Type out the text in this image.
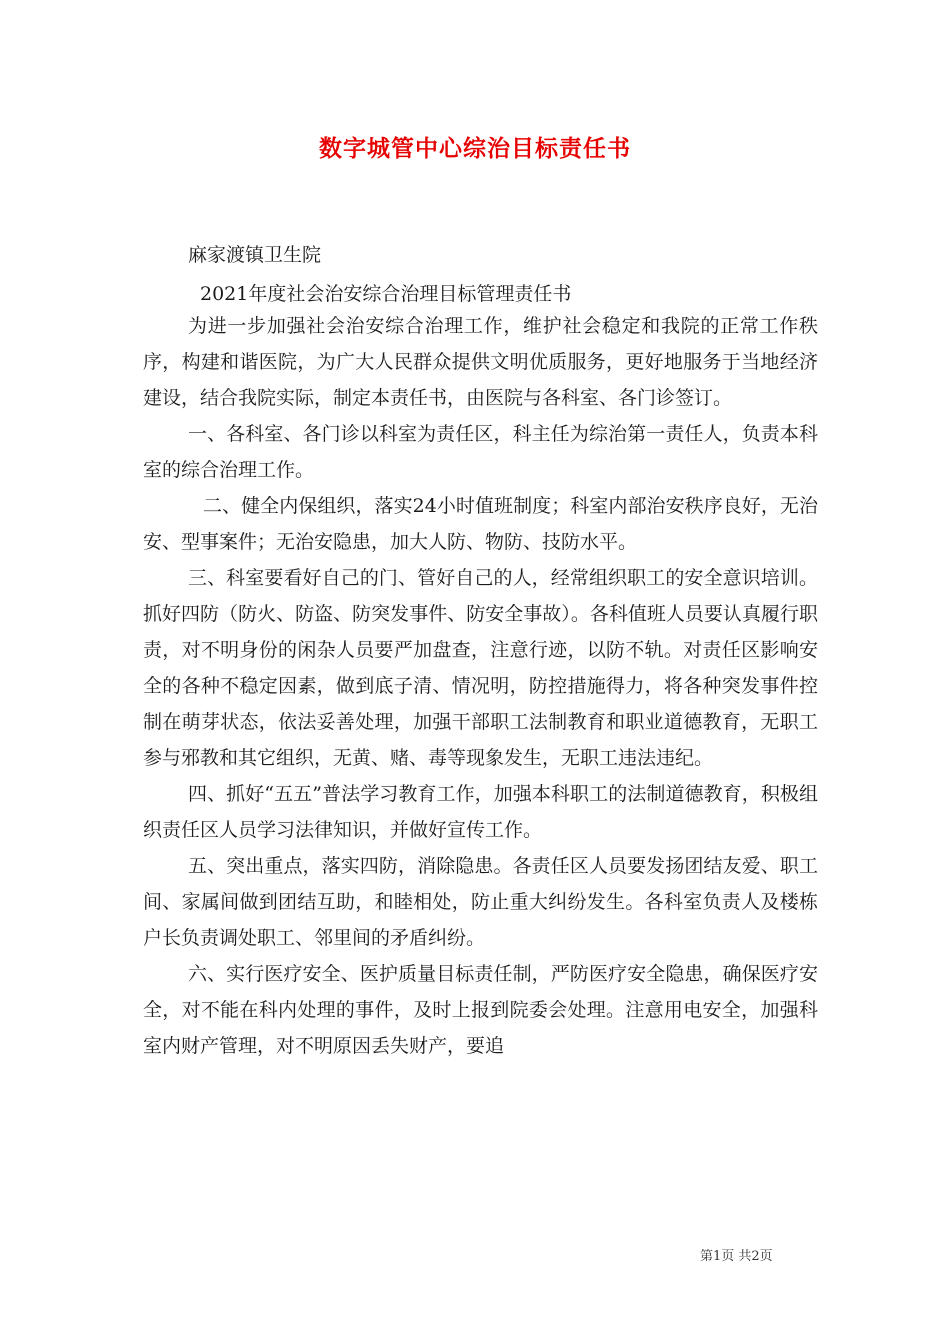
数字城管中心综治目标责任书
麻家渡镇卫生院
2021年度社会治安综合治理目标管理责任书

为进一步加强社会治安综合治理工作，维护社会稳定和我院的正常工作秩序，构建和谐医院，为广大人民群众提供文明优质服务，更好地服务于当地经济建设，结合我院实际，制定本责任书，由医院与各科室、各门诊签订。

一、各科室、各门诊以科室为责任区，科主任为综治第一责任人，负责本科室的综合治理工作。

二、健全内保组织，落实24小时值班制度；科室内部治安秩序良好，无治安、型事案件；无治安隐患，加大人防、物防、技防水平。

三、科室要看好自己的门、管好自己的人，经常组织职工的安全意识培训。抓好四防（防火、防盗、防突发事件、防安全事故）。各科值班人员要认真履行职责，对不明身份的闲杂人员要严加盘查，注意行迹，以防不轨。对责任区影响安全的各种不稳定因素，做到底子清、情况明，防控措施得力，将各种突发事件控制在萌芽状态，依法妥善处理，加强干部职工法制教育和职业道德教育，无职工参与邪教和其它组织，无黄、赌、毒等现象发生，无职工违法违纪。

四、抓好“五五”普法学习教育工作，加强本科职工的法制道德教育，积极组织责任区人员学习法律知识，并做好宣传工作。

五、突出重点，落实四防，消除隐患。各责任区人员要发扬团结友爱、职工间、家属间做到团结互助，和睦相处，防止重大纠纷发生。各科室负责人及楼栋户长负责调处职工、邻里间的矛盾纠纷。

六、实行医疗安全、医护质量目标责任制，严防医疗安全隐患，确保医疗安全，对不能在科内处理的事件，及时上报到院委会处理。注意用电安全，加强科室内财产管理，对不明原因丢失财产，要追

第1页 共2页
